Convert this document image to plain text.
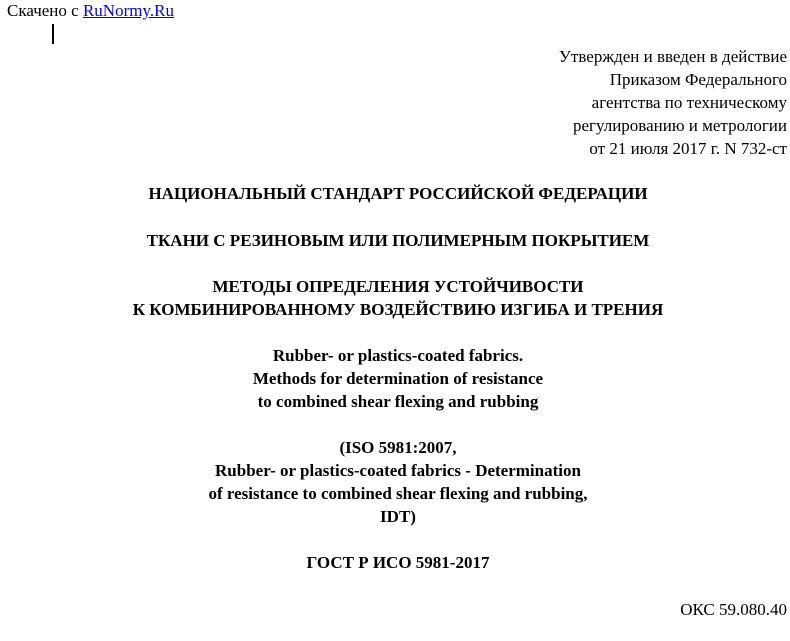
Скачено с RuNormy.Ru
Утвержден и введен в действие
Приказом Федерального
агентства по техническому
регулированию и метрологии
от 21 июля 2017 г. N 732-ст
НАЦИОНАЛЬНЫЙ СТАНДАРТ РОССИЙСКОЙ ФЕДЕРАЦИИ
ТКАНИ С РЕЗИНОВЫМ ИЛИ ПОЛИМЕРНЫМ ПОКРЫТИЕМ
МЕТОДЫ ОПРЕДЕЛЕНИЯ УСТОЙЧИВОСТИ
К КОМБИНИРОВАННОМУ ВОЗДЕЙСТВИЮ ИЗГИБА И ТРЕНИЯ
Rubber- or plastics-coated fabrics.
Methods for determination of resistance
to combined shear flexing and rubbing
(ISO 5981:2007,
Rubber- or plastics-coated fabrics - Determination
of resistance to combined shear flexing and rubbing,
IDT)
ГОСТ Р ИСО 5981-2017
ОКС 59.080.40
